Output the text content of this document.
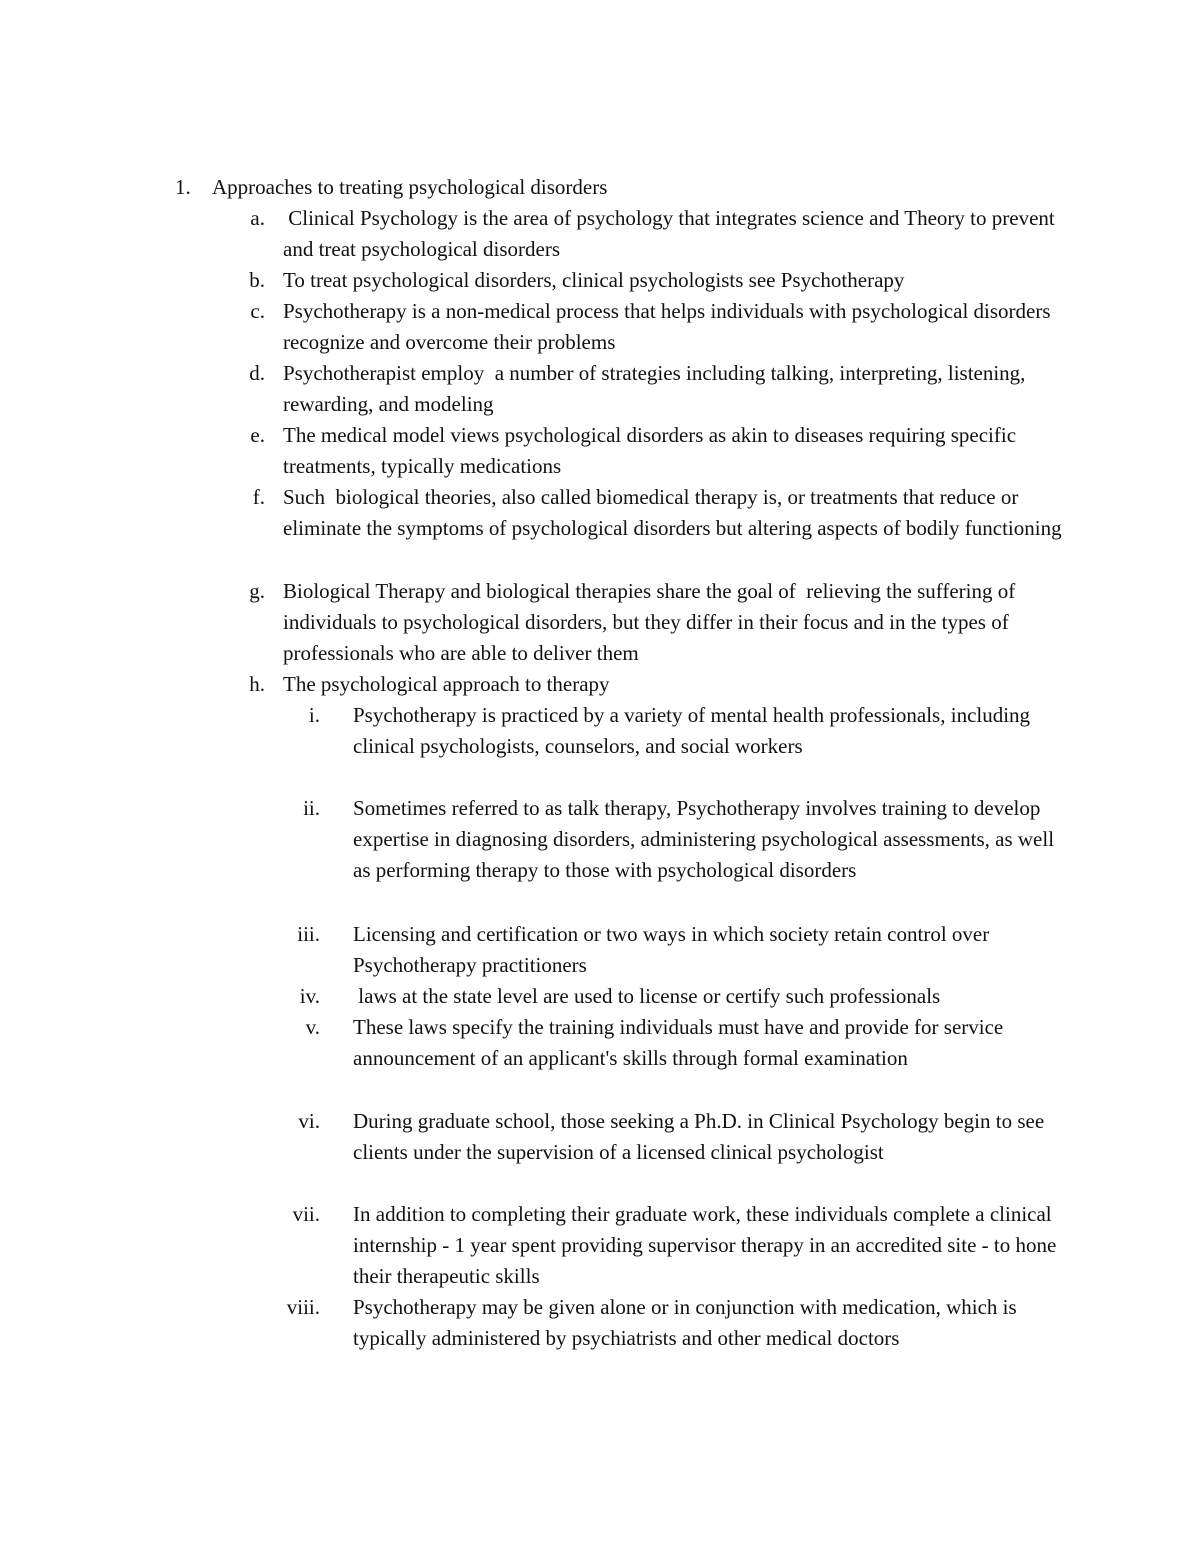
1. Approaches to treating psychological disorders
a. Clinical Psychology is the area of psychology that integrates science and Theory to prevent and treat psychological disorders
b. To treat psychological disorders, clinical psychologists see Psychotherapy
c. Psychotherapy is a non-medical process that helps individuals with psychological disorders recognize and overcome their problems
d. Psychotherapist employ  a number of strategies including talking, interpreting, listening, rewarding, and modeling
e. The medical model views psychological disorders as akin to diseases requiring specific treatments, typically medications
f. Such  biological theories, also called biomedical therapy is, or treatments that reduce or eliminate the symptoms of psychological disorders but altering aspects of bodily functioning
g. Biological Therapy and biological therapies share the goal of  relieving the suffering of individuals to psychological disorders, but they differ in their focus and in the types of professionals who are able to deliver them
h. The psychological approach to therapy
i. Psychotherapy is practiced by a variety of mental health professionals, including clinical psychologists, counselors, and social workers
ii. Sometimes referred to as talk therapy, Psychotherapy involves training to develop expertise in diagnosing disorders, administering psychological assessments, as well as performing therapy to those with psychological disorders
iii. Licensing and certification or two ways in which society retain control over Psychotherapy practitioners
iv. laws at the state level are used to license or certify such professionals
v. These laws specify the training individuals must have and provide for service announcement of an applicant's skills through formal examination
vi. During graduate school, those seeking a Ph.D. in Clinical Psychology begin to see clients under the supervision of a licensed clinical psychologist
vii. In addition to completing their graduate work, these individuals complete a clinical internship - 1 year spent providing supervisor therapy in an accredited site - to hone their therapeutic skills
viii. Psychotherapy may be given alone or in conjunction with medication, which is typically administered by psychiatrists and other medical doctors
